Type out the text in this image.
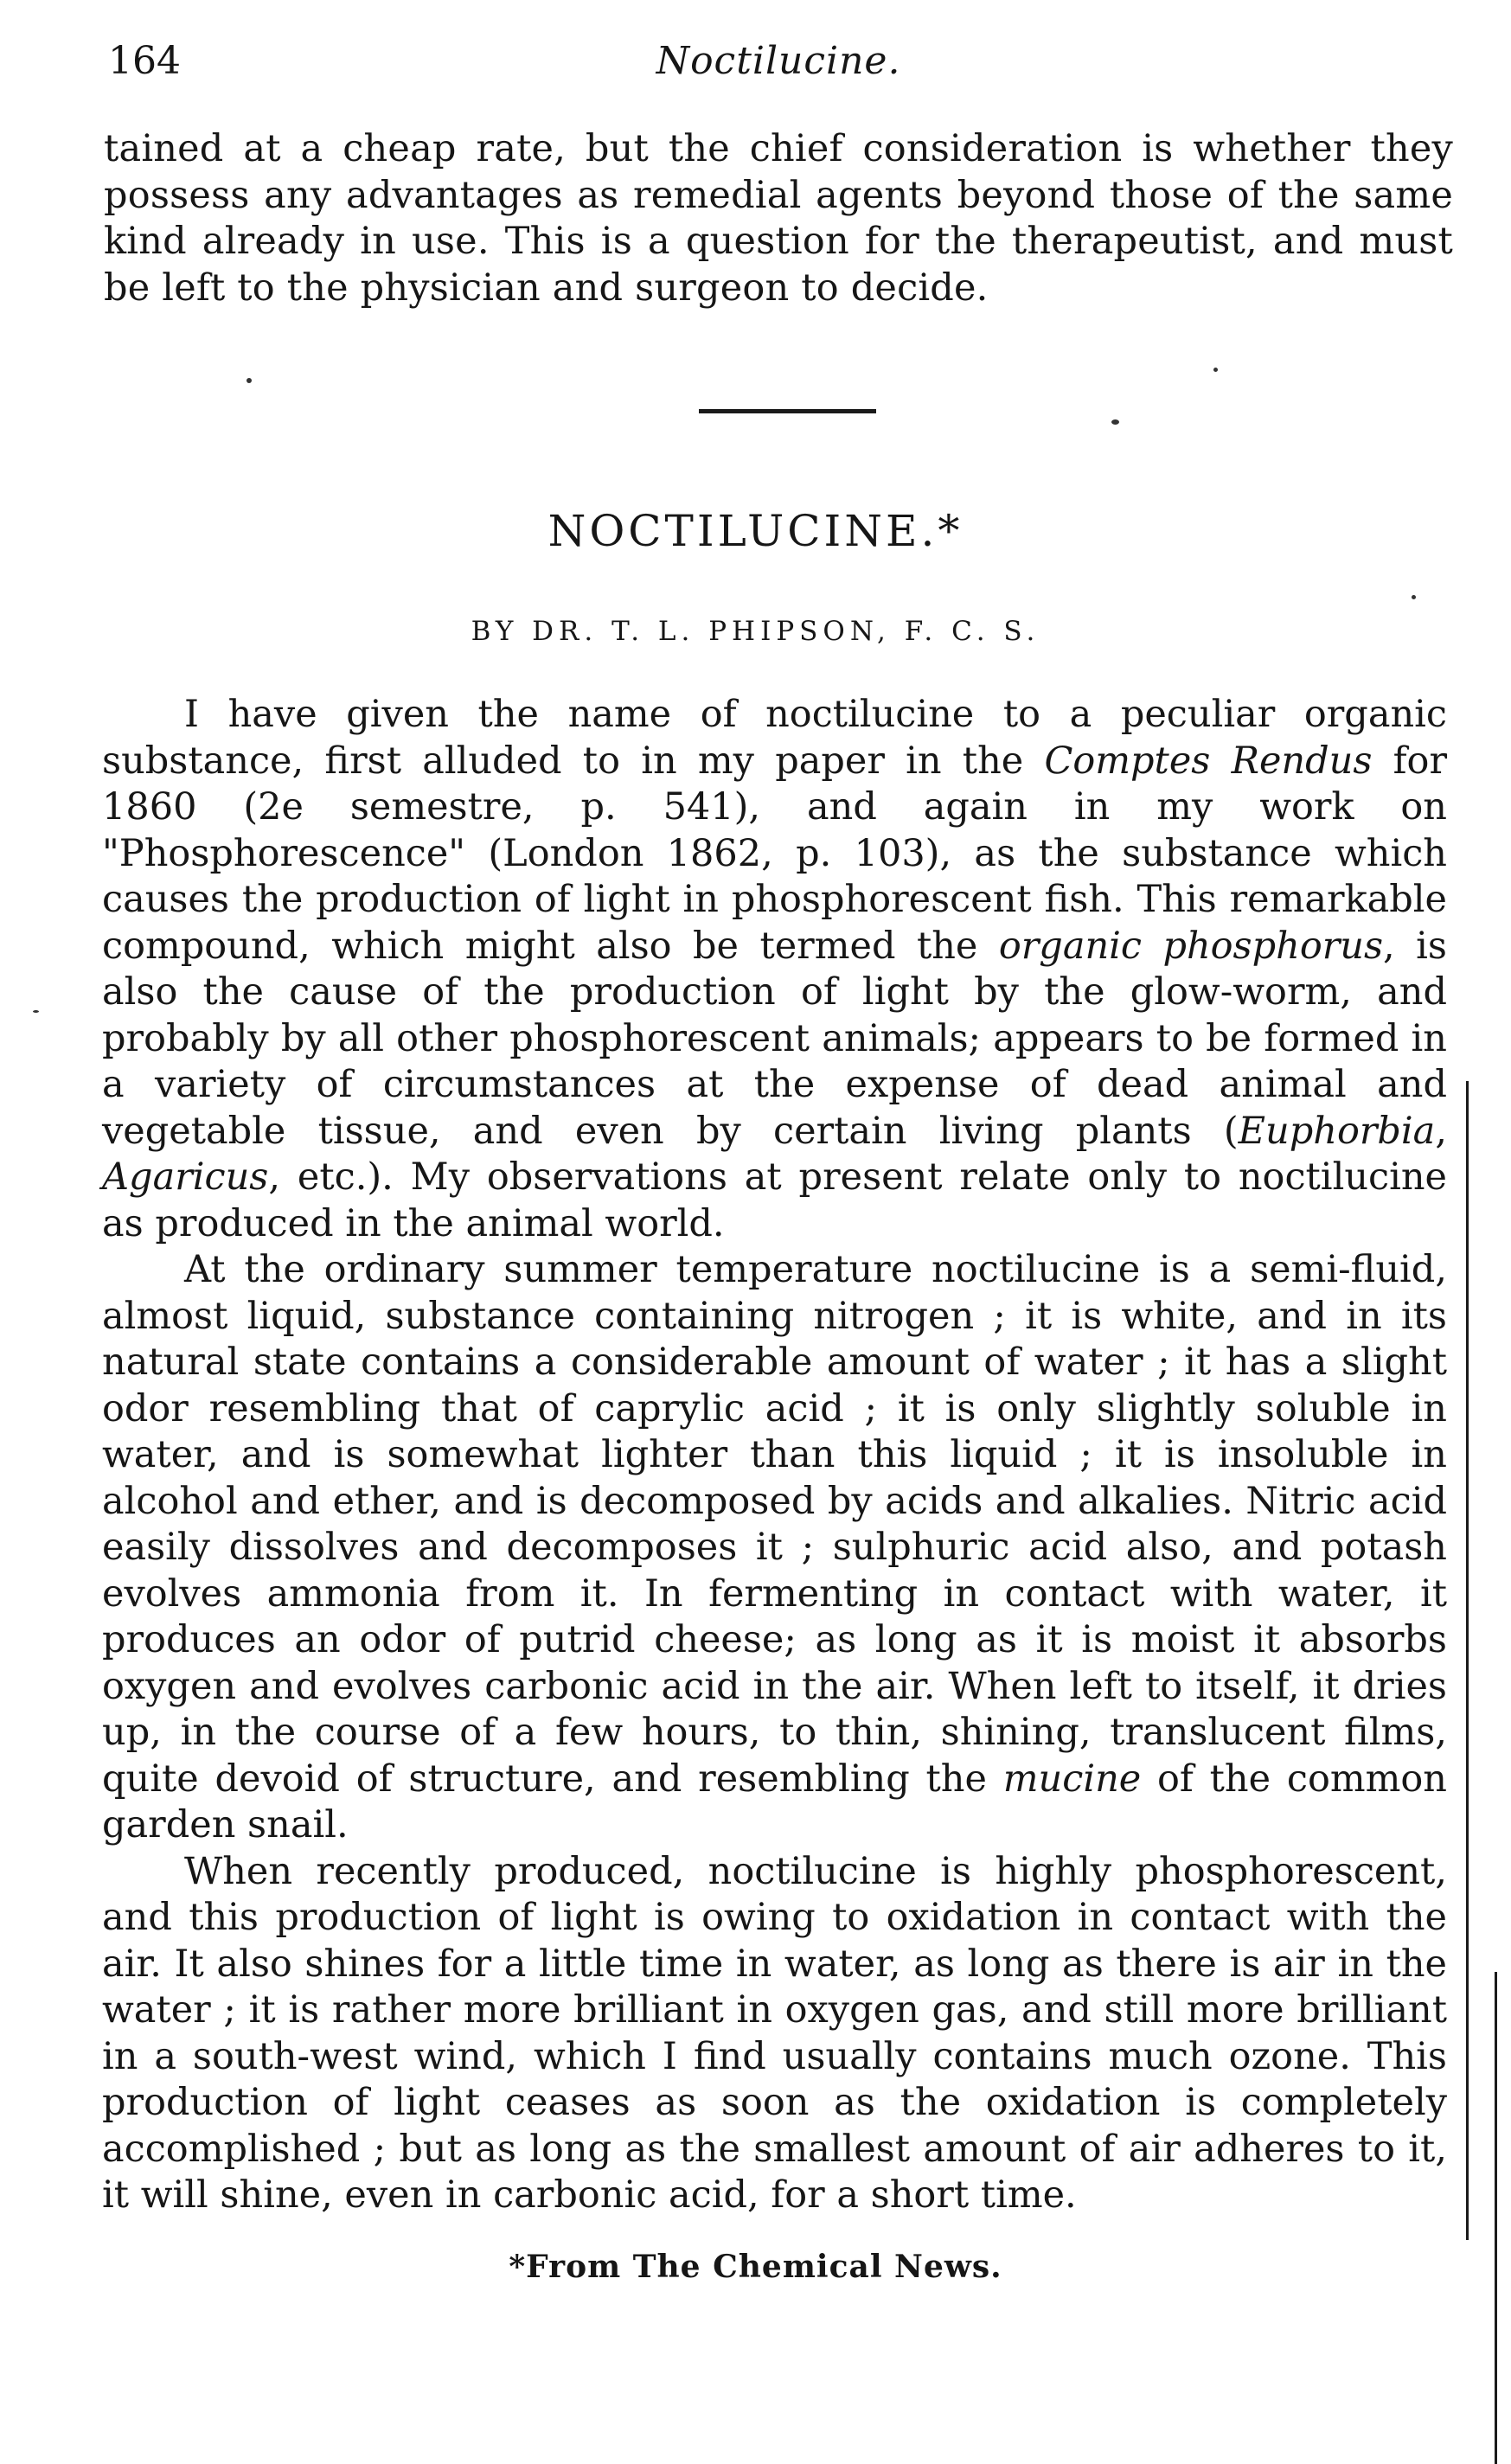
164	Noctilucine.

tained at a cheap rate, but the chief consideration is whether they possess any advantages as remedial agents beyond those of the same kind already in use. This is a question for the therapeutist, and must be left to the physician and surgeon to decide.

NOCTILUCINE.*
BY DR. T. L. PHIPSON, F. C. S.

I have given the name of noctilucine to a peculiar organic substance, first alluded to in my paper in the Comptes Rendus for 1860 (2e semestre, p. 541), and again in my work on "Phosphorescence" (London 1862, p. 103), as the substance which causes the production of light in phosphorescent fish. This remarkable compound, which might also be termed the organic phosphorus, is also the cause of the production of light by the glow-worm, and probably by all other phosphorescent animals; appears to be formed in a variety of circumstances at the expense of dead animal and vegetable tissue, and even by certain living plants (Euphorbia, Agaricus, etc.). My observations at present relate only to noctilucine as produced in the animal world.

At the ordinary summer temperature noctilucine is a semi-fluid, almost liquid, substance containing nitrogen ; it is white, and in its natural state contains a considerable amount of water ; it has a slight odor resembling that of caprylic acid ; it is only slightly soluble in water, and is somewhat lighter than this liquid ; it is insoluble in alcohol and ether, and is decomposed by acids and alkalies. Nitric acid easily dissolves and decomposes it ; sulphuric acid also, and potash evolves ammonia from it. In fermenting in contact with water, it produces an odor of putrid cheese; as long as it is moist it absorbs oxygen and evolves carbonic acid in the air. When left to itself, it dries up, in the course of a few hours, to thin, shining, translucent films, quite devoid of structure, and resembling the mucine of the common garden snail.

When recently produced, noctilucine is highly phosphorescent, and this production of light is owing to oxidation in contact with the air. It also shines for a little time in water, as long as there is air in the water ; it is rather more brilliant in oxygen gas, and still more brilliant in a south-west wind, which I find usually contains much ozone. This production of light ceases as soon as the oxidation is completely accomplished ; but as long as the smallest amount of air adheres to it, it will shine, even in carbonic acid, for a short time.

*From The Chemical News.
